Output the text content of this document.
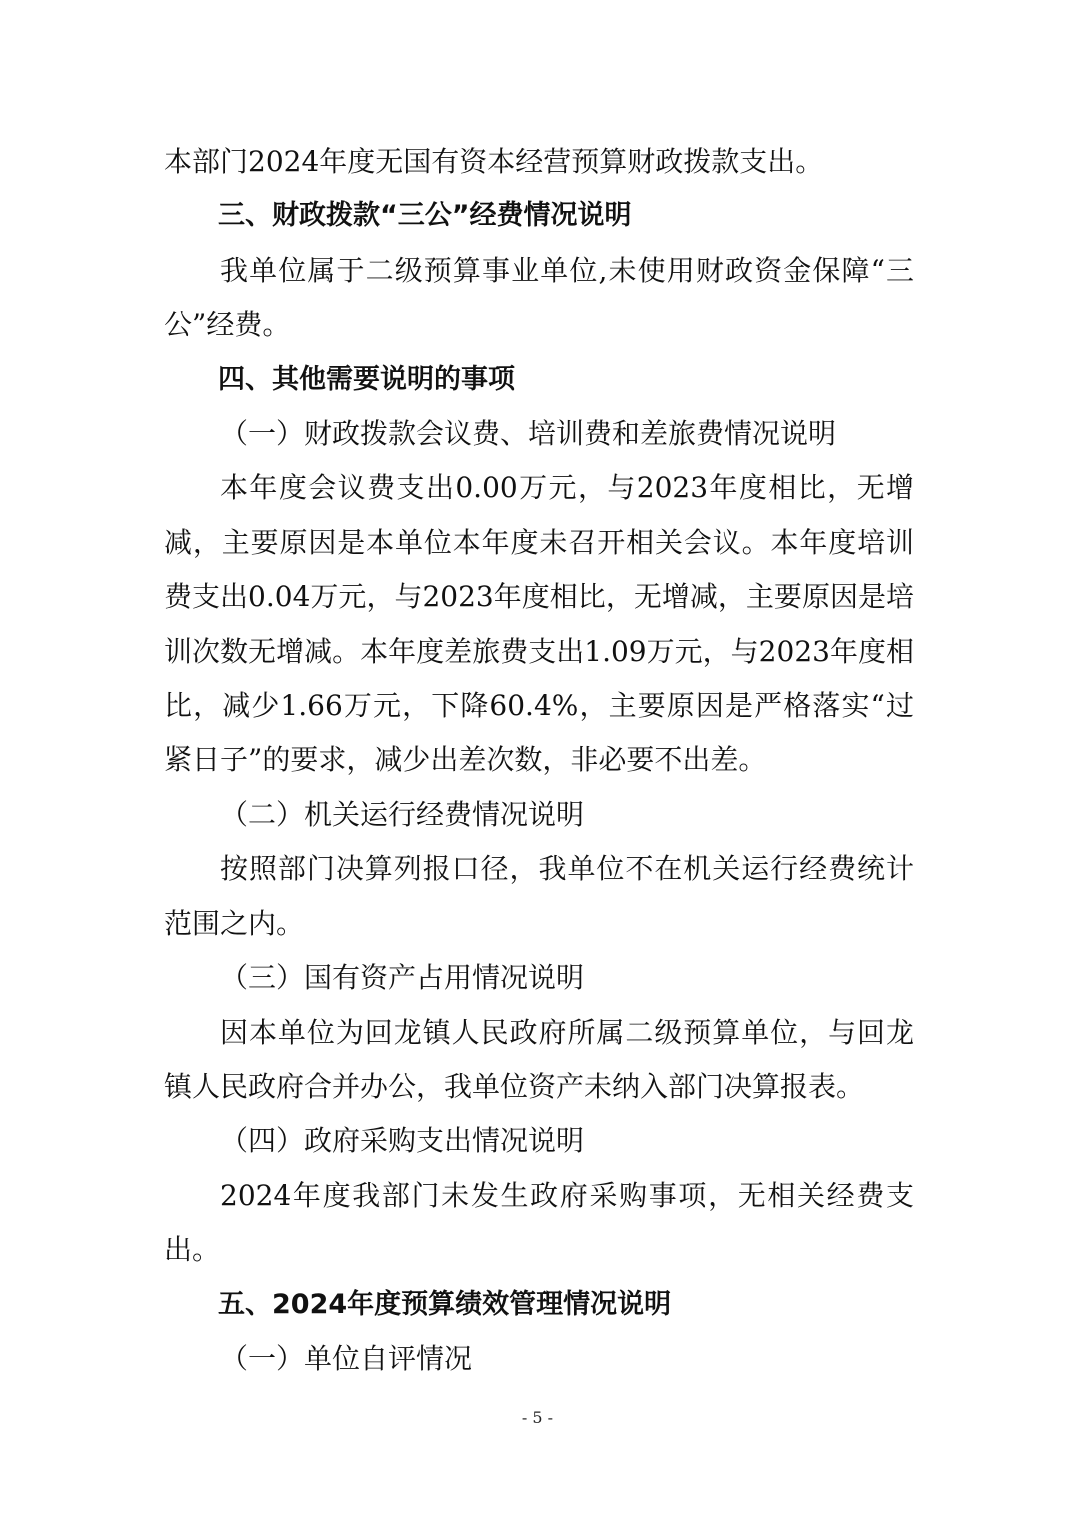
本部门2024年度无国有资本经营预算财政拨款支出。

三、财政拨款“三公”经费情况说明

我单位属于二级预算事业单位,未使用财政资金保障“三公”经费。

四、其他需要说明的事项

（一）财政拨款会议费、培训费和差旅费情况说明

本年度会议费支出0.00万元，与2023年度相比，无增减，主要原因是本单位本年度未召开相关会议。本年度培训费支出0.04万元，与2023年度相比，无增减，主要原因是培训次数无增减。本年度差旅费支出1.09万元，与2023年度相比，减少1.66万元，下降60.4%，主要原因是严格落实“过紧日子”的要求，减少出差次数，非必要不出差。

（二）机关运行经费情况说明

按照部门决算列报口径，我单位不在机关运行经费统计范围之内。

（三）国有资产占用情况说明

因本单位为回龙镇人民政府所属二级预算单位，与回龙镇人民政府合并办公，我单位资产未纳入部门决算报表。

（四）政府采购支出情况说明

2024年度我部门未发生政府采购事项，无相关经费支出。

五、2024年度预算绩效管理情况说明

（一）单位自评情况

- 5 -
